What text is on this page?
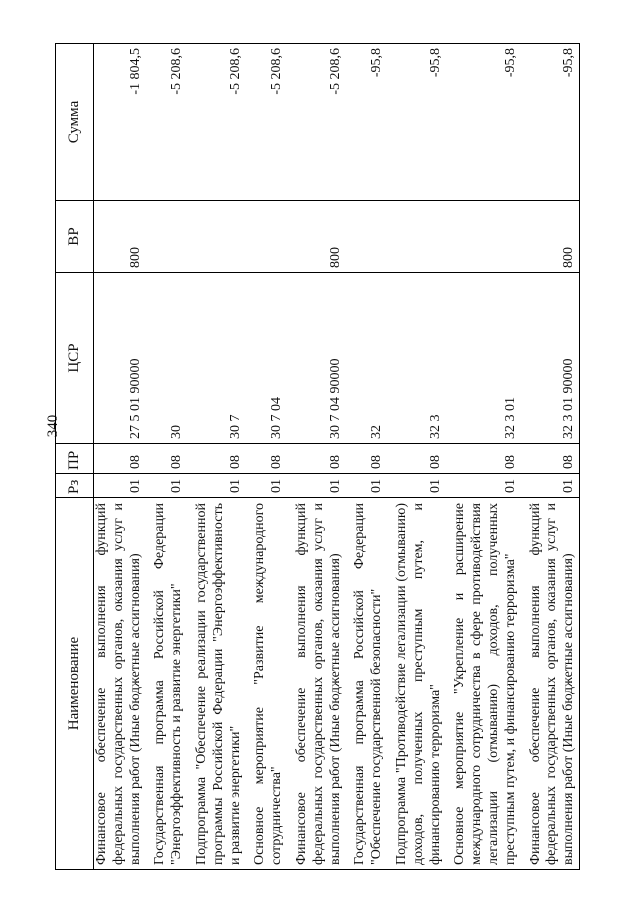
340
Наименование	Рз	ПР	ЦСР	ВР	Сумма
Финансовое обеспечение выполнения функций федеральных государственных органов, оказания услуг и выполнения работ (Иные бюджетные ассигнования)	01	08	27 5 01 90000	800	-1 804,5
Государственная программа Российской Федерации "Энергоэффективность и развитие энергетики"	01	08	30		-5 208,6
Подпрограмма "Обеспечение реализации государственной программы Российской Федерации "Энергоэффективность и развитие энергетики"	01	08	30 7		-5 208,6
Основное мероприятие "Развитие международного сотрудничества"	01	08	30 7 04		-5 208,6
Финансовое обеспечение выполнения функций федеральных государственных органов, оказания услуг и выполнения работ (Иные бюджетные ассигнования)	01	08	30 7 04 90000	800	-5 208,6
Государственная программа Российской Федерации "Обеспечение государственной безопасности"	01	08	32		-95,8
Подпрограмма "Противодействие легализации (отмыванию) доходов, полученных преступным путем, и финансированию терроризма"	01	08	32 3		-95,8
Основное мероприятие "Укрепление и расширение международного сотрудничества в сфере противодействия легализации (отмыванию) доходов, полученных преступным путем, и финансированию терроризма"	01	08	32 3 01		-95,8
Финансовое обеспечение выполнения функций федеральных государственных органов, оказания услуг и выполнения работ (Иные бюджетные ассигнования)	01	08	32 3 01 90000	800	-95,8
